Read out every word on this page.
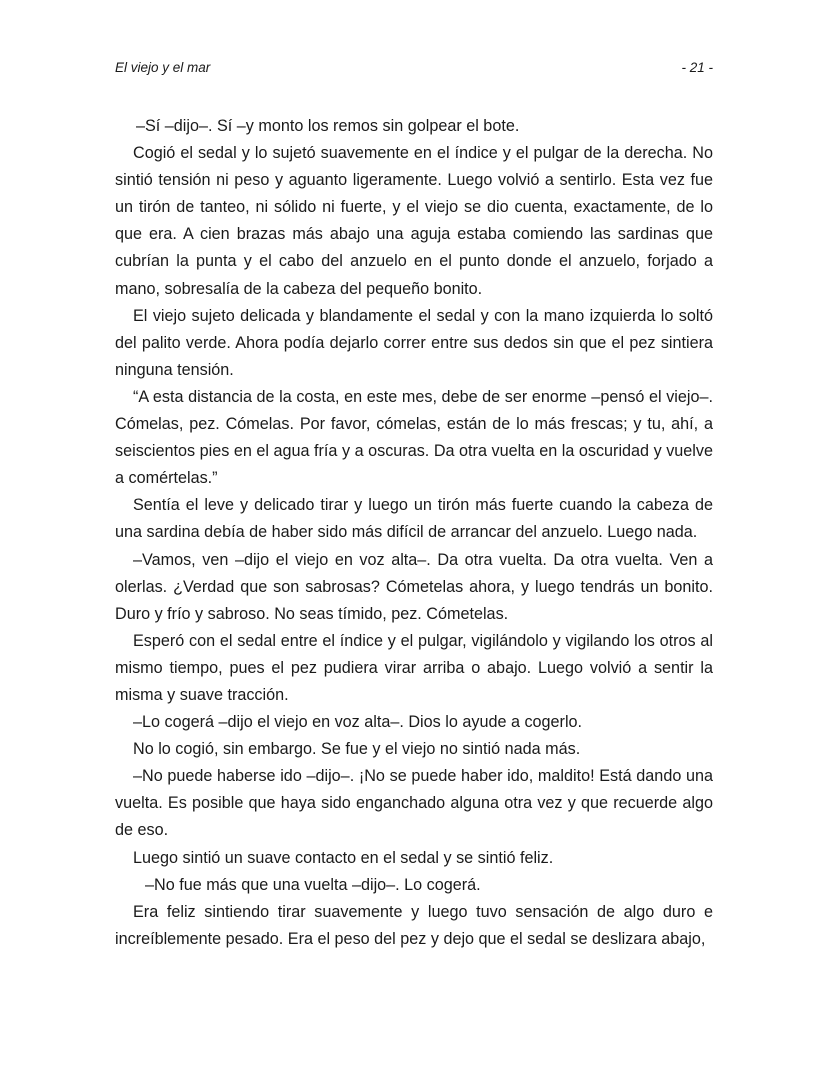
El viejo y el mar	- 21 -

–Sí –dijo–. Sí –y monto los remos sin golpear el bote.

Cogió el sedal y lo sujetó suavemente en el índice y el pulgar de la derecha. No sintió tensión ni peso y aguanto ligeramente. Luego volvió a sentirlo. Esta vez fue un tirón de tanteo, ni sólido ni fuerte, y el viejo se dio cuenta, exactamente, de lo que era. A cien brazas más abajo una aguja estaba comiendo las sardinas que cubrían la punta y el cabo del anzuelo en el punto donde el anzuelo, forjado a mano, sobresalía de la cabeza del pequeño bonito.

El viejo sujeto delicada y blandamente el sedal y con la mano izquierda lo soltó del palito verde. Ahora podía dejarlo correr entre sus dedos sin que el pez sintiera ninguna tensión.

“A esta distancia de la costa, en este mes, debe de ser enorme –pensó el viejo–. Cómelas, pez. Cómelas. Por favor, cómelas, están de lo más frescas; y tu, ahí, a seiscientos pies en el agua fría y a oscuras. Da otra vuelta en la oscuridad y vuelve a comértelas.”

Sentía el leve y delicado tirar y luego un tirón más fuerte cuando la cabeza de una sardina debía de haber sido más difícil de arrancar del anzuelo. Luego nada.

–Vamos, ven –dijo el viejo en voz alta–. Da otra vuelta. Da otra vuelta. Ven a olerlas. ¿Verdad que son sabrosas? Cómetelas ahora, y luego tendrás un bonito. Duro y frío y sabroso. No seas tímido, pez. Cómetelas.

Esperó con el sedal entre el índice y el pulgar, vigilándolo y vigilando los otros al mismo tiempo, pues el pez pudiera virar arriba o abajo. Luego volvió a sentir la misma y suave tracción.

–Lo cogerá –dijo el viejo en voz alta–. Dios lo ayude a cogerlo.

No lo cogió, sin embargo. Se fue y el viejo no sintió nada más.

–No puede haberse ido –dijo–. ¡No se puede haber ido, maldito! Está dando una vuelta. Es posible que haya sido enganchado alguna otra vez y que recuerde algo de eso.

Luego sintió un suave contacto en el sedal y se sintió feliz.

–No fue más que una vuelta –dijo–. Lo cogerá.

Era feliz sintiendo tirar suavemente y luego tuvo sensación de algo duro e increíblemente pesado. Era el peso del pez y dejo que el sedal se deslizara abajo,
